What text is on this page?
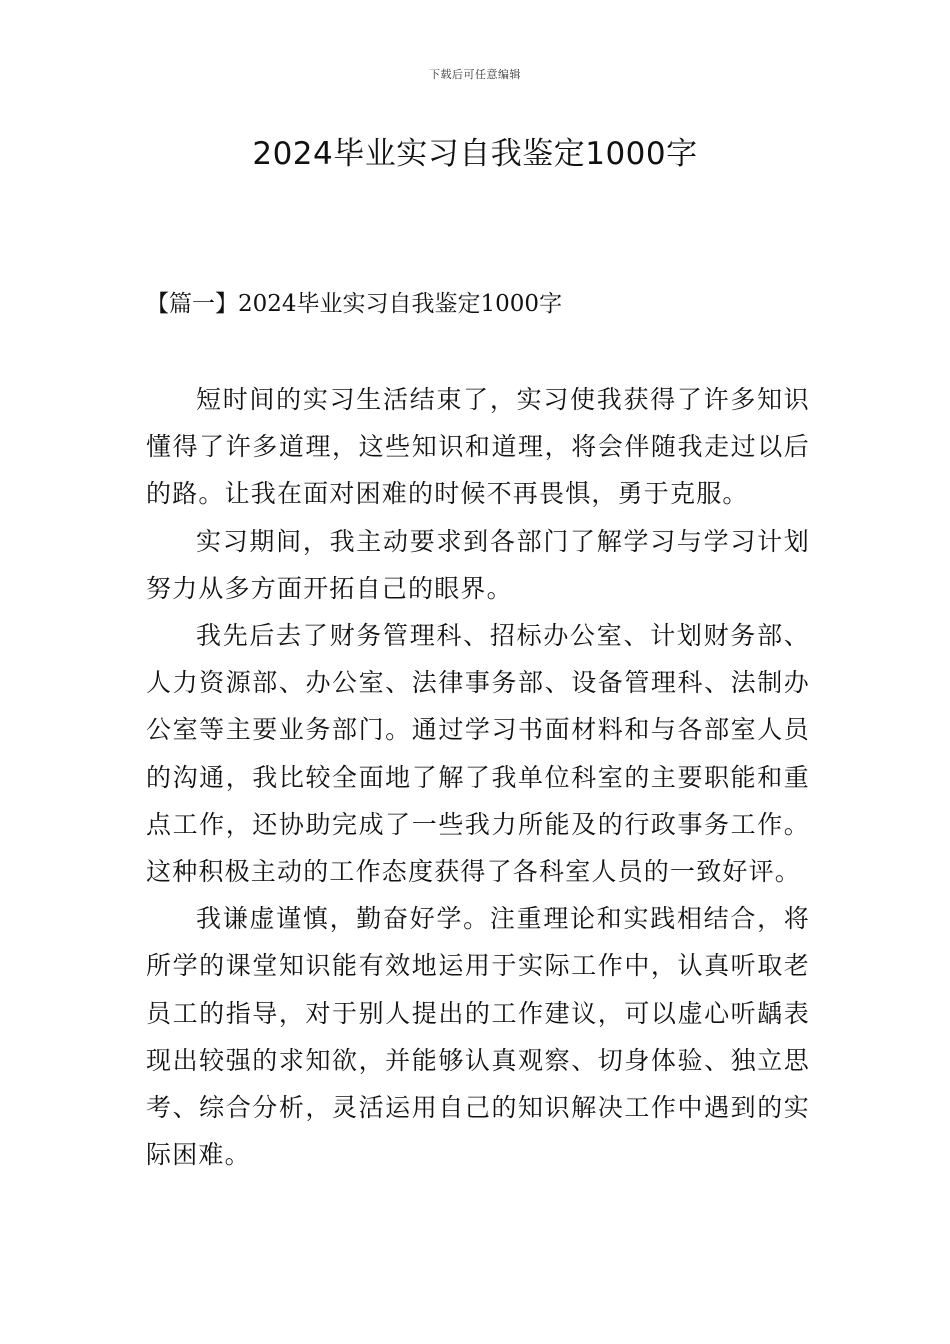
下载后可任意编辑
2024毕业实习自我鉴定1000字
【篇一】2024毕业实习自我鉴定1000字

短时间的实习生活结束了，实习使我获得了许多知识懂得了许多道理，这些知识和道理，将会伴随我走过以后的路。让我在面对困难的时候不再畏惧，勇于克服。

实习期间，我主动要求到各部门了解学习与学习计划努力从多方面开拓自己的眼界。

我先后去了财务管理科、招标办公室、计划财务部、人力资源部、办公室、法律事务部、设备管理科、法制办公室等主要业务部门。通过学习书面材料和与各部室人员的沟通，我比较全面地了解了我单位科室的主要职能和重点工作，还协助完成了一些我力所能及的行政事务工作。这种积极主动的工作态度获得了各科室人员的一致好评。

我谦虚谨慎，勤奋好学。注重理论和实践相结合，将所学的课堂知识能有效地运用于实际工作中，认真听取老员工的指导，对于别人提出的工作建议，可以虚心听龋表现出较强的求知欲，并能够认真观察、切身体验、独立思考、综合分析，灵活运用自己的知识解决工作中遇到的实际困难。
